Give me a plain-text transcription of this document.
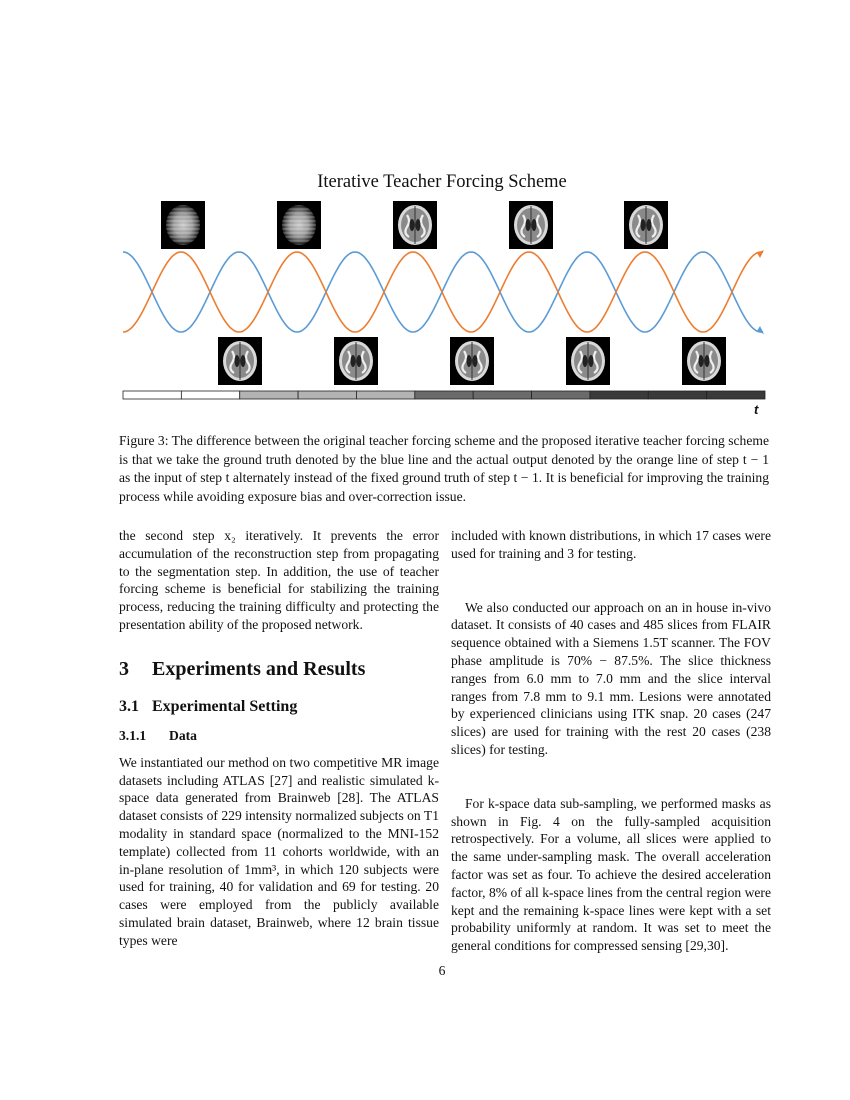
Iterative Teacher Forcing Scheme
t

Figure 3: The difference between the original teacher forcing scheme and the proposed iterative teacher forcing scheme is that we take the ground truth denoted by the blue line and the actual output denoted by the orange line of step t − 1 as the input of step t alternately instead of the fixed ground truth of step t − 1. It is beneficial for improving the training process while avoiding exposure bias and over-correction issue.

the second step x₂ iteratively. It prevents the error accumulation of the reconstruction step from propagating to the segmentation step. In addition, the use of teacher forcing scheme is beneficial for stabilizing the training process, reducing the training difficulty and protecting the presentation ability of the proposed network.

3 Experiments and Results
3.1 Experimental Setting
3.1.1 Data

We instantiated our method on two competitive MR image datasets including ATLAS [27] and realistic simulated k-space data generated from Brainweb [28]. The ATLAS dataset consists of 229 intensity normalized subjects on T1 modality in standard space (normalized to the MNI-152 template) collected from 11 cohorts worldwide, with an in-plane resolution of 1mm³, in which 120 subjects were used for training, 40 for validation and 69 for testing. 20 cases were employed from the publicly available simulated brain dataset, Brainweb, where 12 brain tissue types were

included with known distributions, in which 17 cases were used for training and 3 for testing.

We also conducted our approach on an in house in-vivo dataset. It consists of 40 cases and 485 slices from FLAIR sequence obtained with a Siemens 1.5T scanner. The FOV phase amplitude is 70% − 87.5%. The slice thickness ranges from 6.0 mm to 7.0 mm and the slice interval ranges from 7.8 mm to 9.1 mm. Lesions were annotated by experienced clinicians using ITK snap. 20 cases (247 slices) are used for training with the rest 20 cases (238 slices) for testing.

For k-space data sub-sampling, we performed masks as shown in Fig. 4 on the fully-sampled acquisition retrospectively. For a volume, all slices were applied to the same under-sampling mask. The overall acceleration factor was set as four. To achieve the desired acceleration factor, 8% of all k-space lines from the central region were kept and the remaining k-space lines were kept with a set probability uniformly at random. It was set to meet the general conditions for compressed sensing [29,30].

6
